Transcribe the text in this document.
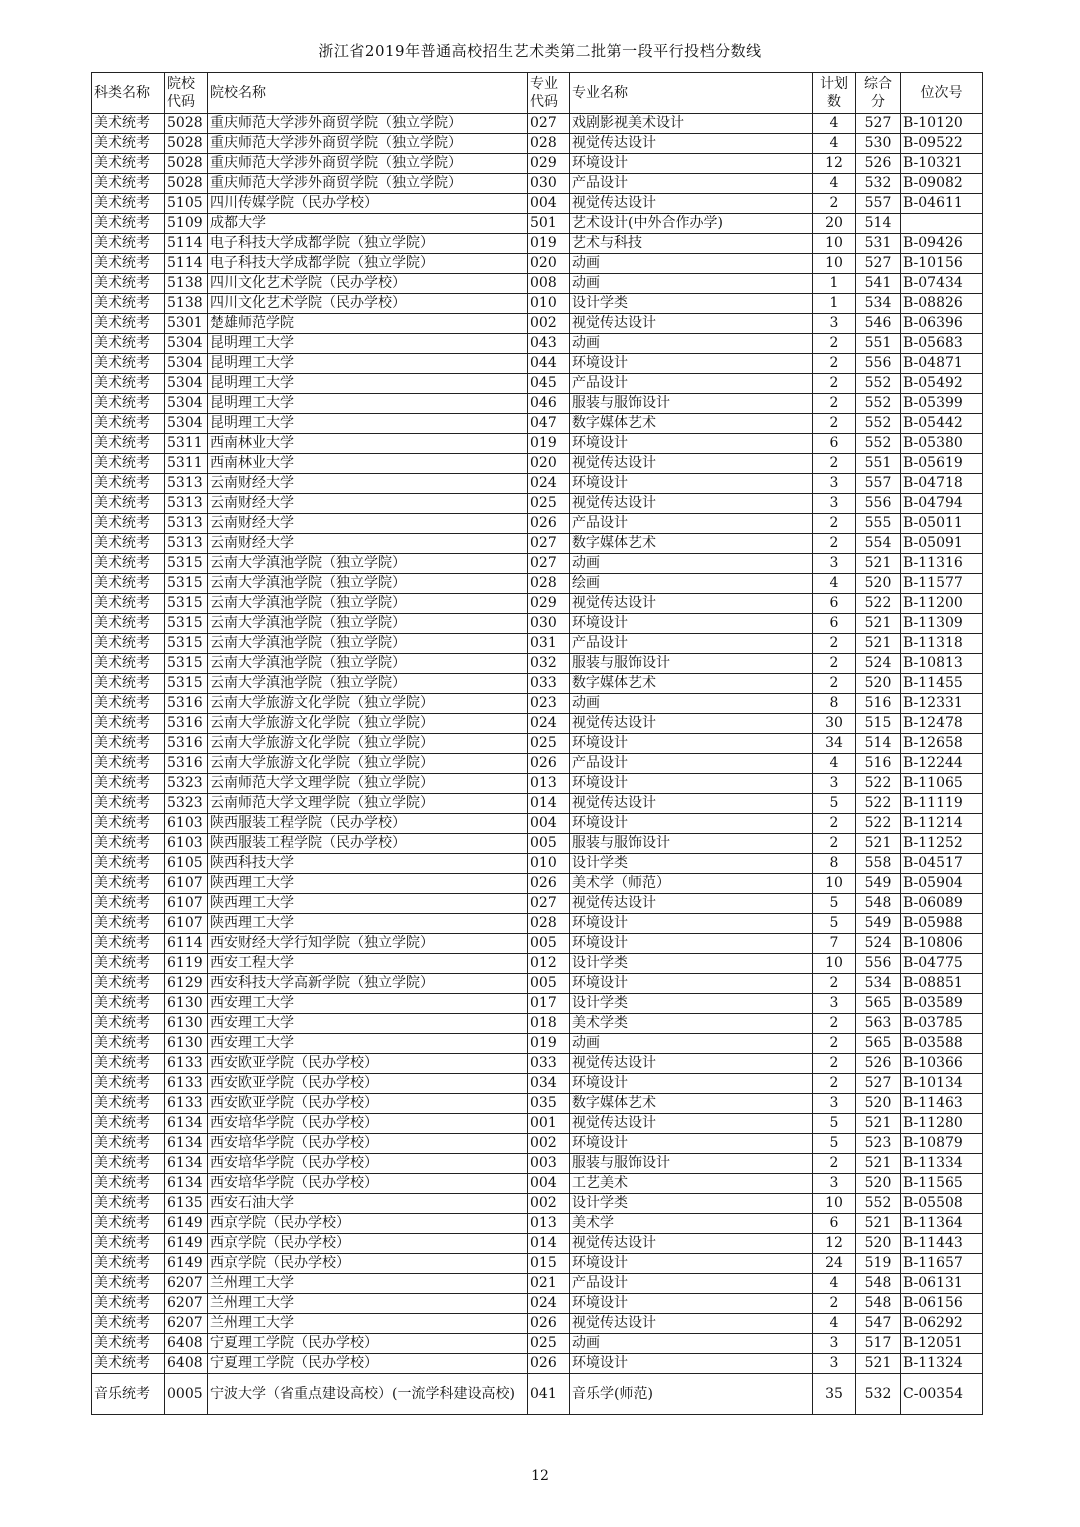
浙江省2019年普通高校招生艺术类第二批第一段平行投档分数线
科类名称	院校代码	院校名称	专业代码	专业名称	计划数	综合分	位次号
美术统考	5028	重庆师范大学涉外商贸学院（独立学院）	027	戏剧影视美术设计	4	527	B-10120
美术统考	5028	重庆师范大学涉外商贸学院（独立学院）	028	视觉传达设计	4	530	B-09522
美术统考	5028	重庆师范大学涉外商贸学院（独立学院）	029	环境设计	12	526	B-10321
美术统考	5028	重庆师范大学涉外商贸学院（独立学院）	030	产品设计	4	532	B-09082
美术统考	5105	四川传媒学院（民办学校）	004	视觉传达设计	2	557	B-04611
美术统考	5109	成都大学	501	艺术设计(中外合作办学)	20	514	
美术统考	5114	电子科技大学成都学院（独立学院）	019	艺术与科技	10	531	B-09426
美术统考	5114	电子科技大学成都学院（独立学院）	020	动画	10	527	B-10156
美术统考	5138	四川文化艺术学院（民办学校）	008	动画	1	541	B-07434
美术统考	5138	四川文化艺术学院（民办学校）	010	设计学类	1	534	B-08826
美术统考	5301	楚雄师范学院	002	视觉传达设计	3	546	B-06396
美术统考	5304	昆明理工大学	043	动画	2	551	B-05683
美术统考	5304	昆明理工大学	044	环境设计	2	556	B-04871
美术统考	5304	昆明理工大学	045	产品设计	2	552	B-05492
美术统考	5304	昆明理工大学	046	服装与服饰设计	2	552	B-05399
美术统考	5304	昆明理工大学	047	数字媒体艺术	2	552	B-05442
美术统考	5311	西南林业大学	019	环境设计	6	552	B-05380
美术统考	5311	西南林业大学	020	视觉传达设计	2	551	B-05619
美术统考	5313	云南财经大学	024	环境设计	3	557	B-04718
美术统考	5313	云南财经大学	025	视觉传达设计	3	556	B-04794
美术统考	5313	云南财经大学	026	产品设计	2	555	B-05011
美术统考	5313	云南财经大学	027	数字媒体艺术	2	554	B-05091
美术统考	5315	云南大学滇池学院（独立学院）	027	动画	3	521	B-11316
美术统考	5315	云南大学滇池学院（独立学院）	028	绘画	4	520	B-11577
美术统考	5315	云南大学滇池学院（独立学院）	029	视觉传达设计	6	522	B-11200
美术统考	5315	云南大学滇池学院（独立学院）	030	环境设计	6	521	B-11309
美术统考	5315	云南大学滇池学院（独立学院）	031	产品设计	2	521	B-11318
美术统考	5315	云南大学滇池学院（独立学院）	032	服装与服饰设计	2	524	B-10813
美术统考	5315	云南大学滇池学院（独立学院）	033	数字媒体艺术	2	520	B-11455
美术统考	5316	云南大学旅游文化学院（独立学院）	023	动画	8	516	B-12331
美术统考	5316	云南大学旅游文化学院（独立学院）	024	视觉传达设计	30	515	B-12478
美术统考	5316	云南大学旅游文化学院（独立学院）	025	环境设计	34	514	B-12658
美术统考	5316	云南大学旅游文化学院（独立学院）	026	产品设计	4	516	B-12244
美术统考	5323	云南师范大学文理学院（独立学院）	013	环境设计	3	522	B-11065
美术统考	5323	云南师范大学文理学院（独立学院）	014	视觉传达设计	5	522	B-11119
美术统考	6103	陕西服装工程学院（民办学校）	004	环境设计	2	522	B-11214
美术统考	6103	陕西服装工程学院（民办学校）	005	服装与服饰设计	2	521	B-11252
美术统考	6105	陕西科技大学	010	设计学类	8	558	B-04517
美术统考	6107	陕西理工大学	026	美术学（师范）	10	549	B-05904
美术统考	6107	陕西理工大学	027	视觉传达设计	5	548	B-06089
美术统考	6107	陕西理工大学	028	环境设计	5	549	B-05988
美术统考	6114	西安财经大学行知学院（独立学院）	005	环境设计	7	524	B-10806
美术统考	6119	西安工程大学	012	设计学类	10	556	B-04775
美术统考	6129	西安科技大学高新学院（独立学院）	005	环境设计	2	534	B-08851
美术统考	6130	西安理工大学	017	设计学类	3	565	B-03589
美术统考	6130	西安理工大学	018	美术学类	2	563	B-03785
美术统考	6130	西安理工大学	019	动画	2	565	B-03588
美术统考	6133	西安欧亚学院（民办学校）	033	视觉传达设计	2	526	B-10366
美术统考	6133	西安欧亚学院（民办学校）	034	环境设计	2	527	B-10134
美术统考	6133	西安欧亚学院（民办学校）	035	数字媒体艺术	3	520	B-11463
美术统考	6134	西安培华学院（民办学校）	001	视觉传达设计	5	521	B-11280
美术统考	6134	西安培华学院（民办学校）	002	环境设计	5	523	B-10879
美术统考	6134	西安培华学院（民办学校）	003	服装与服饰设计	2	521	B-11334
美术统考	6134	西安培华学院（民办学校）	004	工艺美术	3	520	B-11565
美术统考	6135	西安石油大学	002	设计学类	10	552	B-05508
美术统考	6149	西京学院（民办学校）	013	美术学	6	521	B-11364
美术统考	6149	西京学院（民办学校）	014	视觉传达设计	12	520	B-11443
美术统考	6149	西京学院（民办学校）	015	环境设计	24	519	B-11657
美术统考	6207	兰州理工大学	021	产品设计	4	548	B-06131
美术统考	6207	兰州理工大学	024	环境设计	2	548	B-06156
美术统考	6207	兰州理工大学	026	视觉传达设计	4	547	B-06292
美术统考	6408	宁夏理工学院（民办学校）	025	动画	3	517	B-12051
美术统考	6408	宁夏理工学院（民办学校）	026	环境设计	3	521	B-11324
音乐统考	0005	宁波大学（省重点建设高校）(一流学科建设高校)	041	音乐学(师范)	35	532	C-00354
12
